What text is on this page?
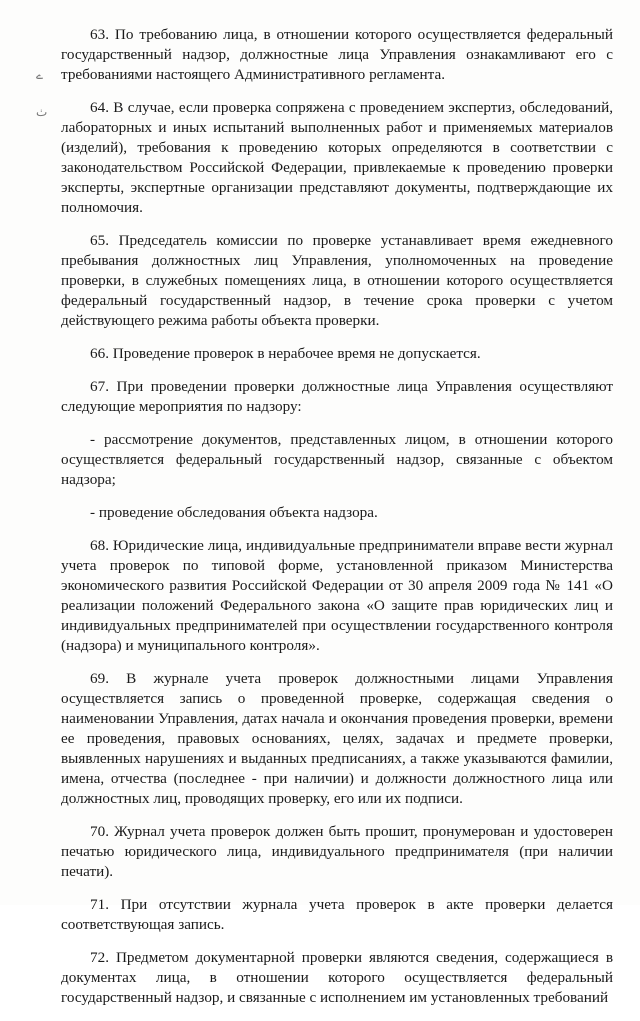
ے
ٺ

63. По требованию лица, в отношении которого осуществляется федеральный государственный надзор, должностные лица Управления ознакамливают его с требованиями настоящего Административного регламента.

64. В случае, если проверка сопряжена с проведением экспертиз, обследований, лабораторных и иных испытаний выполненных работ и применяемых материалов (изделий), требования к проведению которых определяются в соответствии с законодательством Российской Федерации, привлекаемые к проведению проверки эксперты, экспертные организации представляют документы, подтверждающие их полномочия.

65. Председатель комиссии по проверке устанавливает время ежедневного пребывания должностных лиц Управления, уполномоченных на проведение проверки, в служебных помещениях лица, в отношении которого осуществляется федеральный государственный надзор, в течение срока проверки с учетом действующего режима работы объекта проверки.

66. Проведение проверок в нерабочее время не допускается.

67. При проведении проверки должностные лица Управления осуществляют следующие мероприятия по надзору:

- рассмотрение документов, представленных лицом, в отношении которого осуществляется федеральный государственный надзор, связанные с объектом надзора;

- проведение обследования объекта надзора.

68. Юридические лица, индивидуальные предприниматели вправе вести журнал учета проверок по типовой форме, установленной приказом Министерства экономического развития Российской Федерации от 30 апреля 2009 года № 141 «О реализации положений Федерального закона «О защите прав юридических лиц и индивидуальных предпринимателей при осуществлении государственного контроля (надзора) и муниципального контроля».

69. В журнале учета проверок должностными лицами Управления осуществляется запись о проведенной проверке, содержащая сведения о наименовании Управления, датах начала и окончания проведения проверки, времени ее проведения, правовых основаниях, целях, задачах и предмете проверки, выявленных нарушениях и выданных предписаниях, а также указываются фамилии, имена, отчества (последнее - при наличии) и должности должностного лица или должностных лиц, проводящих проверку, его или их подписи.

70. Журнал учета проверок должен быть прошит, пронумерован и удостоверен печатью юридического лица, индивидуального предпринимателя (при наличии печати).

71. При отсутствии журнала учета проверок в акте проверки делается соответствующая запись.

72. Предметом документарной проверки являются сведения, содержащиеся в документах лица, в отношении которого осуществляется федеральный государственный надзор, и связанные с исполнением им установленных требований
